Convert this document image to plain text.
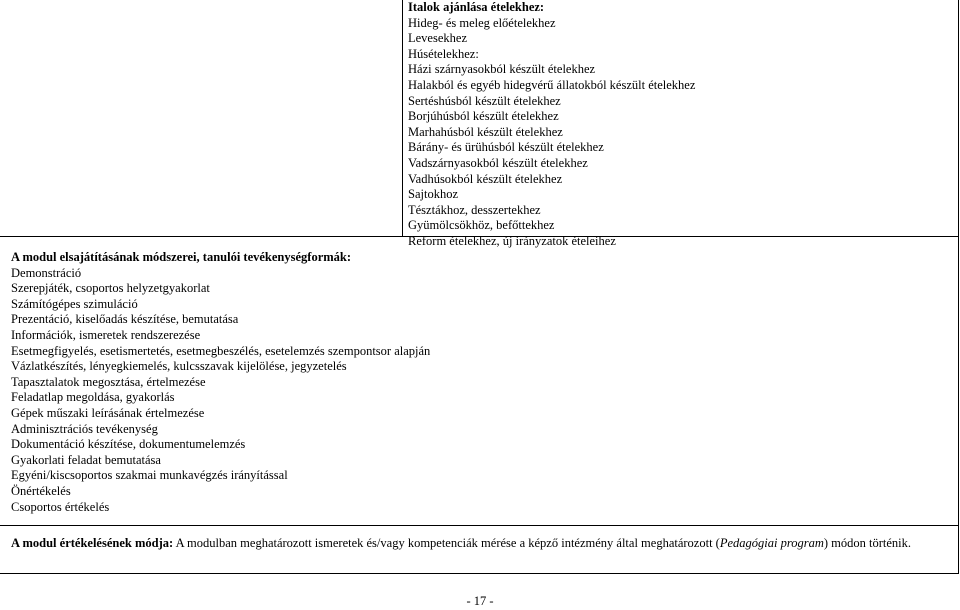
Italok ajánlása ételekhez:
Hideg- és meleg előételekhez
Levesekhez
Húsételekhez:
Házi szárnyasokból készült ételekhez
Halakból és egyéb hidegvérű állatokból készült ételekhez
Sertéshúsból készült ételekhez
Borjúhúsból készült ételekhez
Marhahúsból készült ételekhez
Bárány- és ürühúsból készült ételekhez
Vadszárnyasokból készült ételekhez
Vadhúsokból készült ételekhez
Sajtokhoz
Tésztákhoz, desszertekhez
Gyümölcsökhöz, befőttekhez
Reform ételekhez, új irányzatok ételeihez
A modul elsajátításának módszerei, tanulói tevékenységformák:
Demonstráció
Szerepjáték, csoportos helyzetgyakorlat
Számítógépes szimuláció
Prezentáció, kiselőadás készítése, bemutatása
Információk, ismeretek rendszerezése
Esetmegfigyelés, esetismertetés, esetmegbeszélés, esetelemzés szempontsor alapján
Vázlatkészítés, lényegkiemelés, kulcsszavak kijelölése, jegyzetelés
Tapasztalatok megosztása, értelmezése
Feladatlap megoldása, gyakorlás
Gépek műszaki leírásának értelmezése
Adminisztrációs tevékenység
Dokumentáció készítése, dokumentumelemzés
Gyakorlati feladat bemutatása
Egyéni/kiscsoportos szakmai munkavégzés irányítással
Önértékelés
Csoportos értékelés
A modul értékelésének módja: A modulban meghatározott ismeretek és/vagy kompetenciák mérése a képző intézmény által meghatározott (Pedagógiai program) módon történik.
- 17 -
